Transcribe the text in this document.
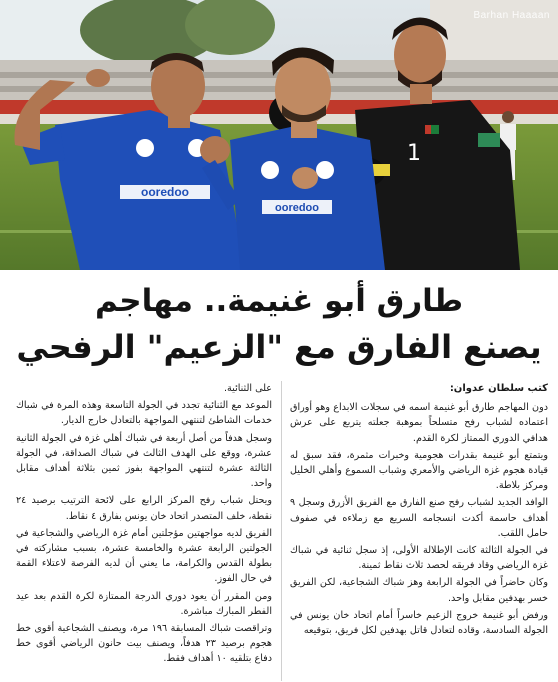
1
ooredoo
ooredoo
Barhan Haaaan
طارق أبو غنيمة.. مهاجم
يصنع الفارق مع "الزعيم" الرفحي

كتب سلطان عدوان:

دون المهاجم طارق أبو غنيمة اسمه في سجلات الابداع وهو أوراق اعتماده لشباب رفح متسلحاً بموهبة جعلته يتربع على عرش هدافي الدوري الممتاز لكرة القدم.

ويتمتع أبو غنيمة بقدرات هجومية وخبرات مثمرة، فقد سبق له قيادة هجوم غزة الرياضي والأمعري وشباب السموع وأهلي الخليل ومركز بلاطة.

الوافد الجديد لشباب رفح صنع الفارق مع الفريق الأزرق وسجل ٩ أهداف حاسمة أكدت انسجامه السريع مع زملاءه في صفوف حامل اللقب.

في الجولة الثالثة كانت الإطلالة الأولى، إذ سجل ثنائية في شباك غزة الرياضي وقاد فريقه لحصد ثلاث نقاط ثمينة.

وكان حاضراً في الجولة الرابعة وهز شباك الشجاعية، لكن الفريق خسر بهدفين مقابل واحد.

ورفض أبو غنيمة خروج الزعيم خاسراً أمام اتحاد خان يونس في الجولة السادسة، وقاده لتعادل قاتل بهدفين لكل فريق، بتوقيعه

على الثنائية.

الموعد مع الثنائية تجدد في الجولة التاسعة وهذه المرة في شباك خدمات الشاطئ لتنتهي المواجهة بالتعادل خارج الديار.

وسجل هدفاً من أصل أربعة في شباك أهلي غزة في الجولة الثانية عشرة، ووقع على الهدف الثالث في شباك الصداقة، في الجولة الثالثة عشرة لتنتهي المواجهة بفوز ثمين بثلاثة أهداف مقابل واحد.

ويحتل شباب رفح المركز الرابع على لائحة الترتيب برصيد ٢٤ نقطة، خلف المتصدر اتحاد خان يونس بفارق ٤ نقاط.

الفريق لديه مواجهتين مؤجلتين أمام غزة الرياضي والشجاعية في الجولتين الرابعة عشرة والخامسة عشرة، بسبب مشاركته في بطولة القدس والكرامة، ما يعني أن لديه الفرصة لاعتلاء القمة في حال الفوز.

ومن المقرر أن يعود دوري الدرجة الممتازة لكرة القدم بعد عيد الفطر المبارك مباشرة.

وتراقصت شباك المسابقة ١٩٦ مرة، ويصنف الشجاعية أقوى خط هجوم برصيد ٢٣ هدفاً، ويصنف بيت حانون الرياضي أقوى خط دفاع بتلقيه ١٠ أهداف فقط.
